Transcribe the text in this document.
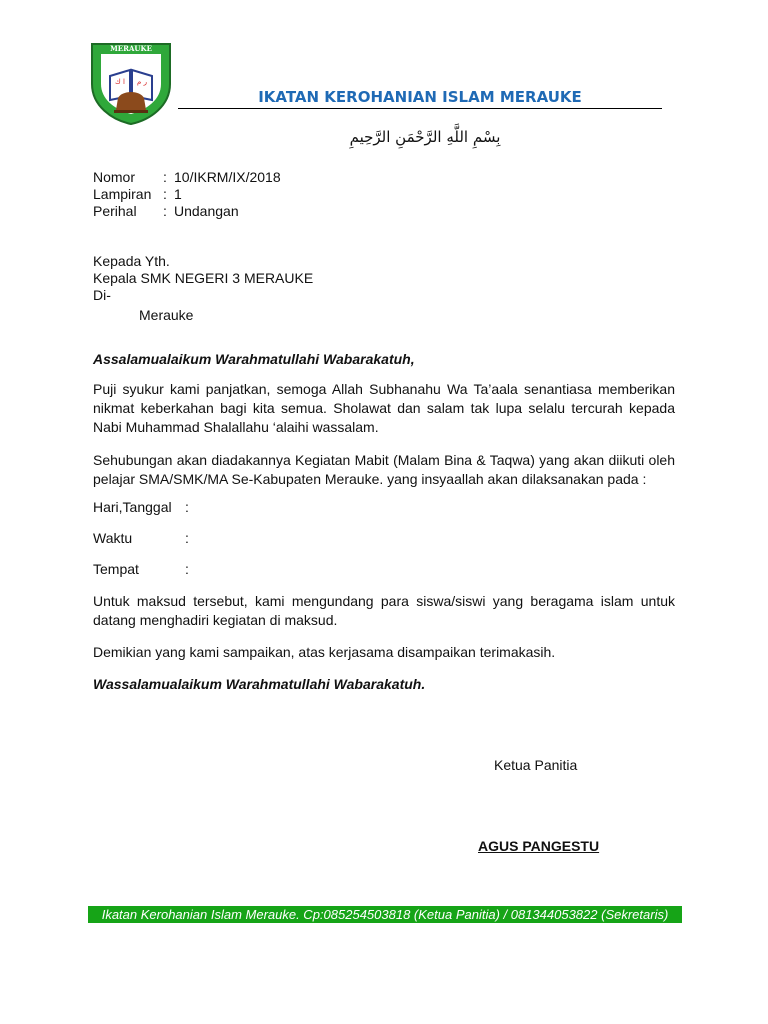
MERAUKE
ا ك ر م
IKATAN KEROHANIAN ISLAM MERAUKE
بِسْمِ اللَّهِ الرَّحْمَنِ الرَّحِيمِ
Nomor	: 10/IKRM/IX/2018
Lampiran : 1
Perihal	: Undangan
Kepada Yth.
Kepala SMK NEGERI 3 MERAUKE
Di-
Merauke
Assalamualaikum Warahmatullahi Wabarakatuh,
Puji syukur kami panjatkan, semoga Allah Subhanahu Wa Ta’aala senantiasa memberikan nikmat keberkahan bagi kita semua. Sholawat dan salam tak lupa selalu tercurah kepada Nabi Muhammad Shalallahu ‘alaihi wassalam.
Sehubungan akan diadakannya Kegiatan Mabit (Malam Bina & Taqwa) yang akan diikuti oleh pelajar SMA/SMK/MA Se-Kabupaten Merauke. yang insyaallah akan dilaksanakan pada :
Hari,Tanggal :
Waktu	:
Tempat	:
Untuk maksud tersebut, kami mengundang para siswa/siswi yang beragama islam untuk datang menghadiri kegiatan di maksud.
Demikian yang kami sampaikan, atas kerjasama disampaikan terimakasih.
Wassalamualaikum Warahmatullahi Wabarakatuh.
Ketua Panitia
AGUS PANGESTU
Ikatan Kerohanian Islam Merauke. Cp:085254503818 (Ketua Panitia) / 081344053822 (Sekretaris)
